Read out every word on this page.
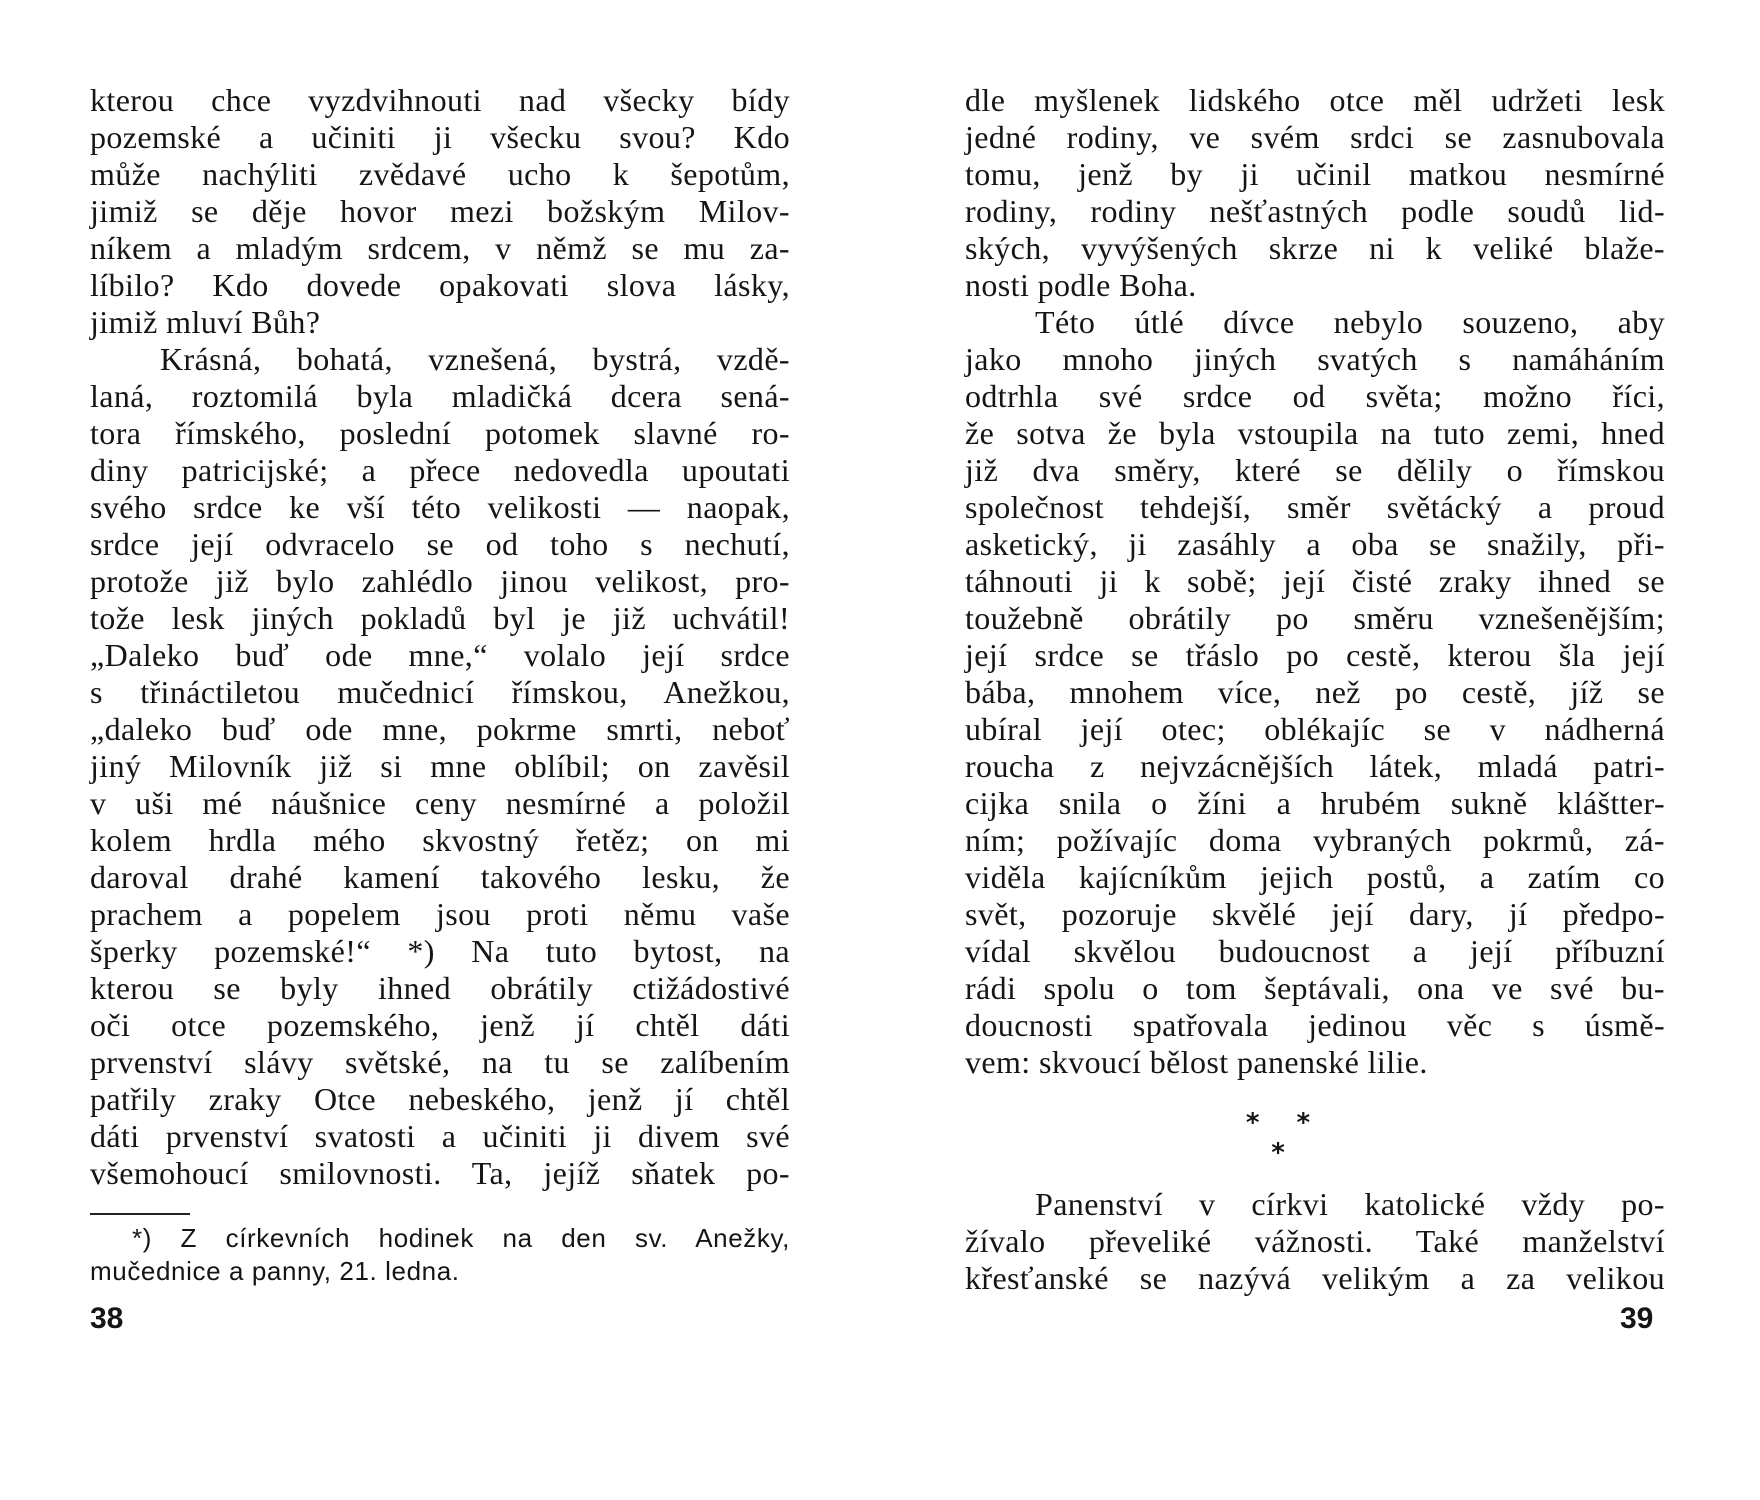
kterou chce vyzdvihnouti nad všecky bídy
pozemské a učiniti ji všecku svou? Kdo
může nachýliti zvědavé ucho k šepotům,
jimiž se děje hovor mezi božským Milov-
níkem a mladým srdcem, v němž se mu za-
líbilo? Kdo dovede opakovati slova lásky,
jimiž mluví Bůh?
Krásná, bohatá, vznešená, bystrá, vzdě-
laná, roztomilá byla mladičká dcera sená-
tora římského, poslední potomek slavné ro-
diny patricijské; a přece nedovedla upoutati
svého srdce ke vší této velikosti — naopak,
srdce její odvracelo se od toho s nechutí,
protože již bylo zahlédlo jinou velikost, pro-
tože lesk jiných pokladů byl je již uchvátil!
„Daleko buď ode mne,“ volalo její srdce
s třináctiletou mučednicí římskou, Anežkou,
„daleko buď ode mne, pokrme smrti, neboť
jiný Milovník již si mne oblíbil; on zavěsil
v uši mé náušnice ceny nesmírné a položil
kolem hrdla mého skvostný řetěz; on mi
daroval drahé kamení takového lesku, že
prachem a popelem jsou proti němu vaše
šperky pozemské!“ *) Na tuto bytost, na
kterou se byly ihned obrátily ctižádostivé
oči otce pozemského, jenž jí chtěl dáti
prvenství slávy světské, na tu se zalíbením
patřily zraky Otce nebeského, jenž jí chtěl
dáti prvenství svatosti a učiniti ji divem své
všemohoucí smilovnosti. Ta, jejíž sňatek po-
*) Z církevních hodinek na den sv. Anežky,
mučednice a panny, 21. ledna.
38
dle myšlenek lidského otce měl udržeti lesk
jedné rodiny, ve svém srdci se zasnubovala
tomu, jenž by ji učinil matkou nesmírné
rodiny, rodiny nešťastných podle soudů lid-
ských, vyvýšených skrze ni k veliké blaže-
nosti podle Boha.
Této útlé dívce nebylo souzeno, aby
jako mnoho jiných svatých s namáháním
odtrhla své srdce od světa; možno říci,
že sotva že byla vstoupila na tuto zemi, hned
již dva směry, které se dělily o římskou
společnost tehdejší, směr světácký a proud
asketický, ji zasáhly a oba se snažily, při-
táhnouti ji k sobě; její čisté zraky ihned se
toužebně obrátily po směru vznešenějším;
její srdce se třáslo po cestě, kterou šla její
bába, mnohem více, než po cestě, jíž se
ubíral její otec; oblékajíc se v nádherná
roucha z nejvzácnějších látek, mladá patri-
cijka snila o žíni a hrubém sukně kláštter-
ním; požívajíc doma vybraných pokrmů, zá-
viděla kajícníkům jejich postů, a zatím co
svět, pozoruje skvělé její dary, jí předpo-
vídal skvělou budoucnost a její příbuzní
rádi spolu o tom šeptávali, ona ve své bu-
doucnosti spatřovala jedinou věc s úsmě-
vem: skvoucí bělost panenské lilie.
* * *
Panenství v církvi katolické vždy po-
žívalo převeliké vážnosti. Také manželství
křesťanské se nazývá velikým a za velikou
39
